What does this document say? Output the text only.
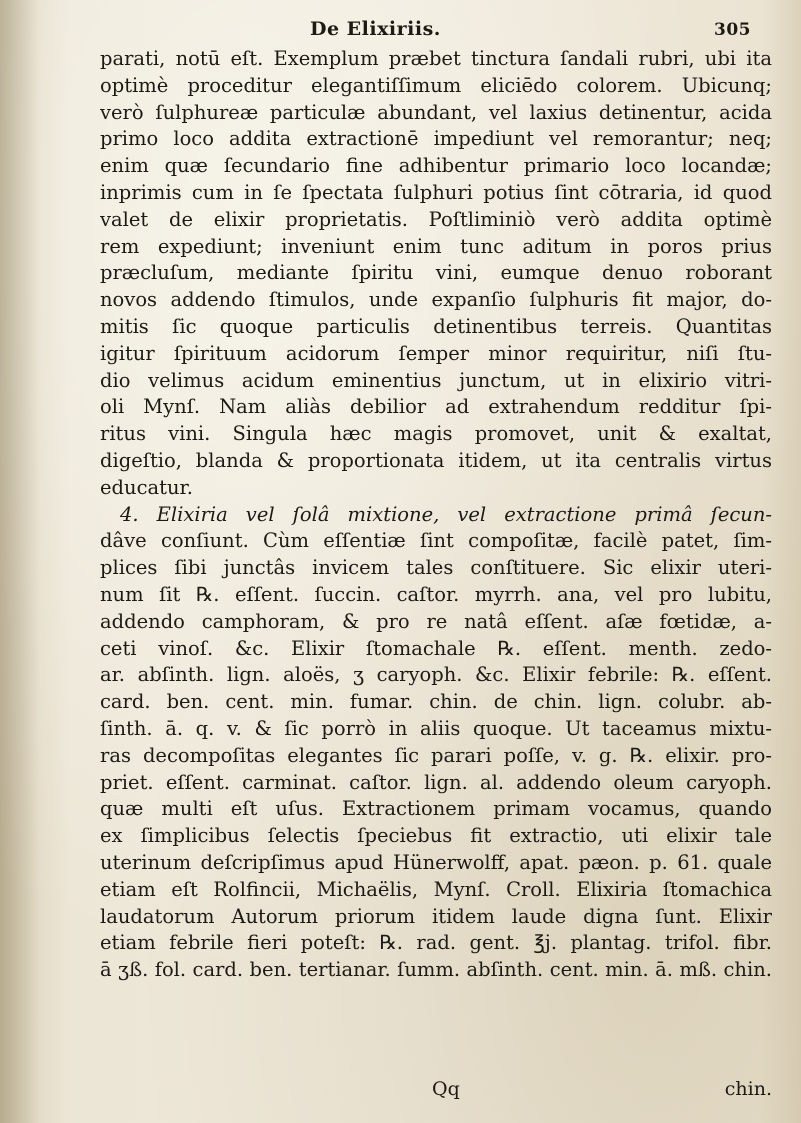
De Elixiriis.	305
parati, notū eſt. Exemplum præbet tinctura ſandali rubri, ubi ita
optimè proceditur elegantiſſimum eliciēdo colorem. Ubicunq;
verò ſulphureæ particulæ abundant, vel laxius detinentur, acida
primo loco addita extractionē impediunt vel remorantur; neq;
enim quæ ſecundario fine adhibentur primario loco locandæ;
inprimis cum in ſe ſpectata ſulphuri potius ſint cōtraria, id quod
valet de elixir proprietatis. Poſtliminiò verò addita optimè
rem expediunt; inveniunt enim tunc aditum in poros prius
præcluſum, mediante ſpiritu vini, eumque denuo roborant
novos addendo ſtimulos, unde expanſio ſulphuris fit major, do-
mitis ſic quoque particulis detinentibus terreis. Quantitas
igitur ſpirituum acidorum ſemper minor requiritur, niſi ſtu-
dio velimus acidum eminentius junctum, ut in elixirio vitri-
oli Mynſ. Nam aliàs debilior ad extrahendum redditur ſpi-
ritus vini. Singula hæc magis promovet, unit & exaltat,
digeſtio, blanda & proportionata itidem, ut ita centralis virtus
educatur.
4. Elixiria vel ſolâ mixtione, vel extractione primâ ſecun-
dâve conſiunt. Cùm eſſentiæ ſint compoſitæ, facilè patet, ſim-
plices ſibi junctâs invicem tales conſtituere. Sic elixir uteri-
num ſit ℞. eſſent. ſuccin. caſtor. myrrh. ana, vel pro lubitu,
addendo camphoram, & pro re natâ eſſent. aſæ fœtidæ, a-
ceti vinoſ. &c. Elixir ſtomachale ℞. eſſent. menth. zedo-
ar. abſinth. lign. aloës, ʒ caryoph. &c. Elixir febrile: ℞. eſſent.
card. ben. cent. min. fumar. chin. de chin. lign. colubr. ab-
ſinth. ā. q. v. & ſic porrò in aliis quoque. Ut taceamus mixtu-
ras decompoſitas elegantes ſic parari poſſe, v. g. ℞. elixir. pro-
priet. eſſent. carminat. caſtor. lign. al. addendo oleum caryoph.
quæ multi eſt uſus. Extractionem primam vocamus, quando
ex ſimplicibus ſelectis ſpeciebus fit extractio, uti elixir tale
uterinum deſcripſimus apud Hünerwolff, apat. pæon. p. 61. quale
etiam eſt Rolfincii, Michaëlis, Mynſ. Croll. Elixiria ſtomachica
laudatorum Autorum priorum itidem laude digna ſunt. Elixir
etiam febrile fieri poteſt: ℞. rad. gent. ℥j. plantag. trifol. fibr.
ā ʒß. fol. card. ben. tertianar. ſumm. abſinth. cent. min. ā. mß. chin.
Qq	chin.
